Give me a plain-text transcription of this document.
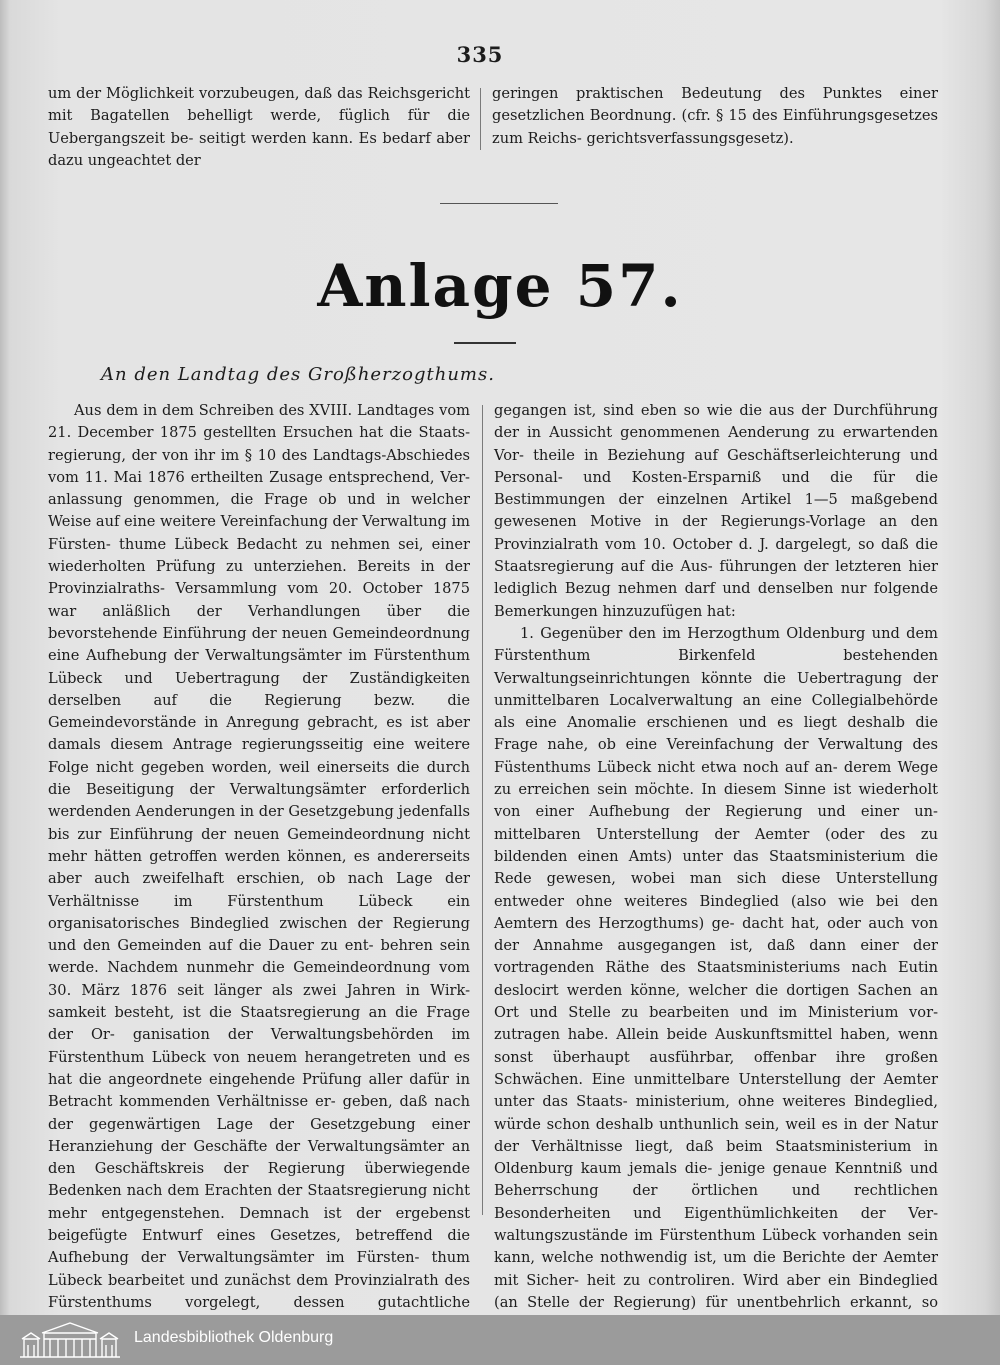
335

um der Möglichkeit vorzubeugen, daß das Reichsgericht mit Bagatellen behelligt werde, füglich für die Uebergangszeit be- seitigt werden kann. Es bedarf aber dazu ungeachtet der

geringen praktischen Bedeutung des Punktes einer gesetzlichen Beordnung. (cfr. § 15 des Einführungsgesetzes zum Reichs- gerichtsverfassungsgesetz).

Anlage 57.
An den Landtag des Großherzogthums.

Aus dem in dem Schreiben des XVIII. Landtages vom 21. December 1875 gestellten Ersuchen hat die Staats- regierung, der von ihr im § 10 des Landtags-Abschiedes vom 11. Mai 1876 ertheilten Zusage entsprechend, Ver- anlassung genommen, die Frage ob und in welcher Weise auf eine weitere Vereinfachung der Verwaltung im Fürsten- thume Lübeck Bedacht zu nehmen sei, einer wiederholten Prüfung zu unterziehen. Bereits in der Provinzialraths- Versammlung vom 20. October 1875 war anläßlich der Verhandlungen über die bevorstehende Einführung der neuen Gemeindeordnung eine Aufhebung der Verwaltungsämter im Fürstenthum Lübeck und Uebertragung der Zuständigkeiten derselben auf die Regierung bezw. die Gemeindevorstände in Anregung gebracht, es ist aber damals diesem Antrage regierungsseitig eine weitere Folge nicht gegeben worden, weil einerseits die durch die Beseitigung der Verwaltungsämter erforderlich werdenden Aenderungen in der Gesetzgebung jedenfalls bis zur Einführung der neuen Gemeindeordnung nicht mehr hätten getroffen werden können, es andererseits aber auch zweifelhaft erschien, ob nach Lage der Verhältnisse im Fürstenthum Lübeck ein organisatorisches Bindeglied zwischen der Regierung und den Gemeinden auf die Dauer zu ent- behren sein werde. Nachdem nunmehr die Gemeindeordnung vom 30. März 1876 seit länger als zwei Jahren in Wirk- samkeit besteht, ist die Staatsregierung an die Frage der Or- ganisation der Verwaltungsbehörden im Fürstenthum Lübeck von neuem herangetreten und es hat die angeordnete eingehende Prüfung aller dafür in Betracht kommenden Verhältnisse er- geben, daß nach der gegenwärtigen Lage der Gesetzgebung einer Heranziehung der Geschäfte der Verwaltungsämter an den Geschäftskreis der Regierung überwiegende Bedenken nach dem Erachten der Staatsregierung nicht mehr entgegenstehen. Demnach ist der ergebenst beigefügte Entwurf eines Gesetzes, betreffend die Aufhebung der Verwaltungsämter im Fürsten- thum Lübeck bearbeitet und zunächst dem Provinzialrath des Fürstenthums vorgelegt, dessen gutachtliche

gegangen ist, sind eben so wie die aus der Durchführung der in Aussicht genommenen Aenderung zu erwartenden Vor- theile in Beziehung auf Geschäftserleichterung und Personal- und Kosten-Ersparniß und die für die Bestimmungen der einzelnen Artikel 1—5 maßgebend gewesenen Motive in der Regierungs-Vorlage an den Provinzialrath vom 10. October d. J. dargelegt, so daß die Staatsregierung auf die Aus- führungen der letzteren hier lediglich Bezug nehmen darf und denselben nur folgende Bemerkungen hinzuzufügen hat:

1. Gegenüber den im Herzogthum Oldenburg und dem Fürstenthum Birkenfeld bestehenden Verwaltungseinrichtungen könnte die Uebertragung der unmittelbaren Localverwaltung an eine Collegialbehörde als eine Anomalie erschienen und es liegt deshalb die Frage nahe, ob eine Vereinfachung der Verwaltung des Füstenthums Lübeck nicht etwa noch auf an- derem Wege zu erreichen sein möchte. In diesem Sinne ist wiederholt von einer Aufhebung der Regierung und einer un- mittelbaren Unterstellung der Aemter (oder des zu bildenden einen Amts) unter das Staatsministerium die Rede gewesen, wobei man sich diese Unterstellung entweder ohne weiteres Bindeglied (also wie bei den Aemtern des Herzogthums) ge- dacht hat, oder auch von der Annahme ausgegangen ist, daß dann einer der vortragenden Räthe des Staatsministeriums nach Eutin deslocirt werden könne, welcher die dortigen Sachen an Ort und Stelle zu bearbeiten und im Ministerium vor- zutragen habe. Allein beide Auskunftsmittel haben, wenn sonst überhaupt ausführbar, offenbar ihre großen Schwächen. Eine unmittelbare Unterstellung der Aemter unter das Staats- ministerium, ohne weiteres Bindeglied, würde schon deshalb unthunlich sein, weil es in der Natur der Verhältnisse liegt, daß beim Staatsministerium in Oldenburg kaum jemals die- jenige genaue Kenntniß und Beherrschung der örtlichen und rechtlichen Besonderheiten und Eigenthümlichkeiten der Ver- waltungszustände im Fürstenthum Lübeck vorhanden sein kann, welche nothwendig ist, um die Berichte der Aemter mit Sicher- heit zu controliren. Wird aber ein Bindeglied (an Stelle der Regierung) für unentbehrlich erkannt, so

Landesbibliothek Oldenburg
